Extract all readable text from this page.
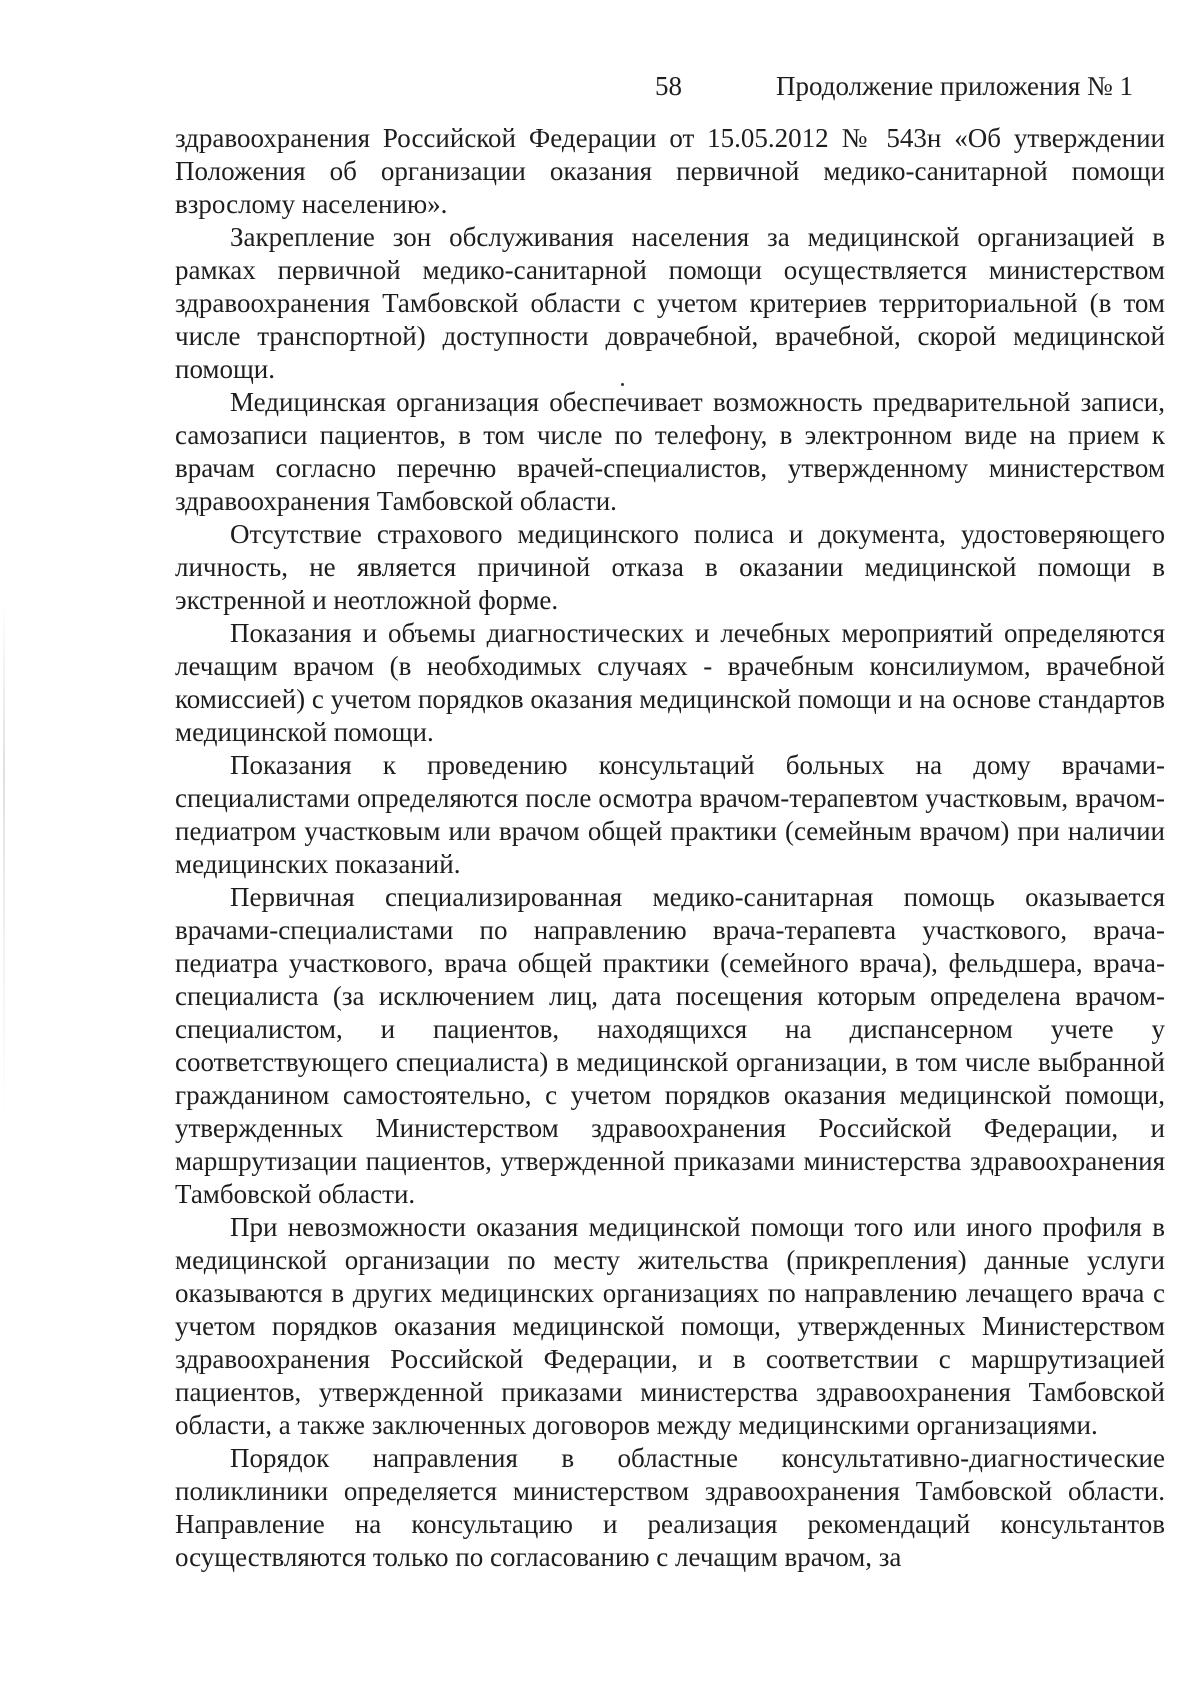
58	Продолжение приложения № 1

здравоохранения Российской Федерации от 15.05.2012 № 543н «Об утверждении Положения об организации оказания первичной медико-санитарной помощи взрослому населению».

Закрепление зон обслуживания населения за медицинской организацией в рамках первичной медико-санитарной помощи осуществляется министерством здравоохранения Тамбовской области с учетом критериев территориальной (в том числе транспортной) доступности доврачебной, врачебной, скорой медицинской помощи.

Медицинская организация обеспечивает возможность предварительной записи, самозаписи пациентов, в том числе по телефону, в электронном виде на прием к врачам согласно перечню врачей-специалистов, утвержденному министерством здравоохранения Тамбовской области.

Отсутствие страхового медицинского полиса и документа, удостоверяющего личность, не является причиной отказа в оказании медицинской помощи в экстренной и неотложной форме.

Показания и объемы диагностических и лечебных мероприятий определяются лечащим врачом (в необходимых случаях - врачебным консилиумом, врачебной комиссией) с учетом порядков оказания медицинской помощи и на основе стандартов медицинской помощи.

Показания к проведению консультаций больных на дому врачами-специалистами определяются после осмотра врачом-терапевтом участковым, врачом-педиатром участковым или врачом общей практики (семейным врачом) при наличии медицинских показаний.

Первичная специализированная медико-санитарная помощь оказывается врачами-специалистами по направлению врача-терапевта участкового, врача-педиатра участкового, врача общей практики (семейного врача), фельдшера, врача-специалиста (за исключением лиц, дата посещения которым определена врачом-специалистом, и пациентов, находящихся на диспансерном учете у соответствующего специалиста) в медицинской организации, в том числе выбранной гражданином самостоятельно, с учетом порядков оказания медицинской помощи, утвержденных Министерством здравоохранения Российской Федерации, и маршрутизации пациентов, утвержденной приказами министерства здравоохранения Тамбовской области.

При невозможности оказания медицинской помощи того или иного профиля в медицинской организации по месту жительства (прикрепления) данные услуги оказываются в других медицинских организациях по направлению лечащего врача с учетом порядков оказания медицинской помощи, утвержденных Министерством здравоохранения Российской Федерации, и в соответствии с маршрутизацией пациентов, утвержденной приказами министерства здравоохранения Тамбовской области, а также заключенных договоров между медицинскими организациями.

Порядок направления в областные консультативно-диагностические поликлиники определяется министерством здравоохранения Тамбовской области. Направление на консультацию и реализация рекомендаций консультантов осуществляются только по согласованию с лечащим врачом, за
